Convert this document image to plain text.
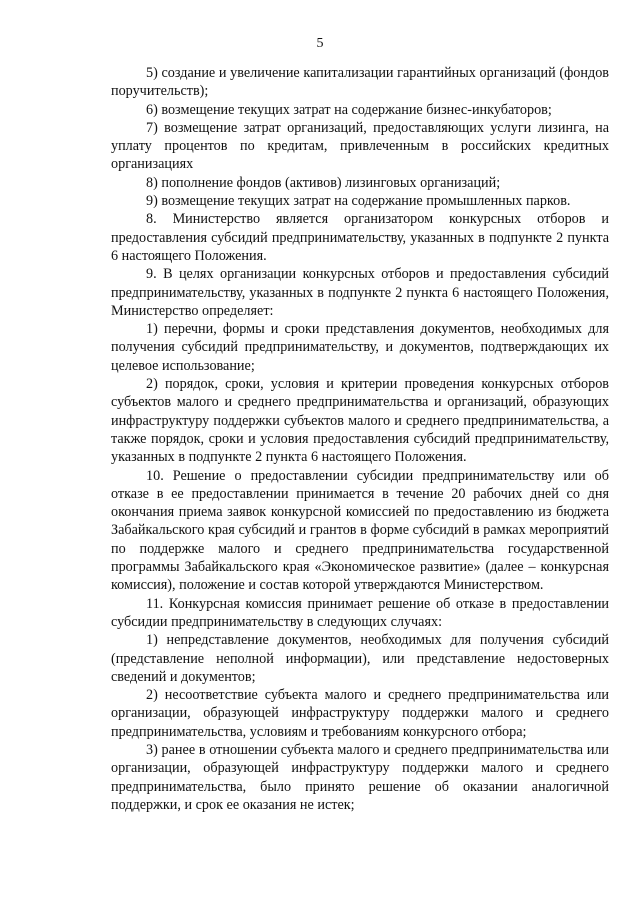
5

5) создание и увеличение капитализации гарантийных организаций (фондов поручительств);

6) возмещение текущих затрат на содержание бизнес-инкубаторов;

7) возмещение затрат организаций, предоставляющих услуги лизинга, на уплату процентов по кредитам, привлеченным в российских кредитных организациях

8) пополнение фондов (активов) лизинговых организаций;

9) возмещение текущих затрат на содержание промышленных парков.

8. Министерство является организатором конкурсных отборов и предоставления субсидий предпринимательству, указанных в подпункте 2 пункта 6 настоящего Положения.

9. В целях организации конкурсных отборов и предоставления субсидий предпринимательству, указанных в подпункте 2 пункта 6 настоящего Положения, Министерство определяет:

1) перечни, формы и сроки представления документов, необходимых для получения субсидий предпринимательству, и документов, подтверждающих их целевое использование;

2) порядок, сроки, условия и критерии проведения конкурсных отборов субъектов малого и среднего предпринимательства и организаций, образующих инфраструктуру поддержки субъектов малого и среднего предпринимательства, а также порядок, сроки и условия предоставления субсидий предпринимательству, указанных в подпункте 2 пункта 6 настоящего Положения.

10. Решение о предоставлении субсидии предпринимательству или об отказе в ее предоставлении принимается в течение 20 рабочих дней со дня окончания приема заявок конкурсной комиссией по предоставлению из бюджета Забайкальского края субсидий и грантов в форме субсидий в рамках мероприятий по поддержке малого и среднего предпринимательства государственной программы Забайкальского края «Экономическое развитие» (далее – конкурсная комиссия), положение и состав которой утверждаются Министерством.

11. Конкурсная комиссия принимает решение об отказе в предоставлении субсидии предпринимательству в следующих случаях:

1) непредставление документов, необходимых для получения субсидий (представление неполной информации), или представление недостоверных сведений и документов;

2) несоответствие субъекта малого и среднего предпринимательства или организации, образующей инфраструктуру поддержки малого и среднего предпринимательства, условиям и требованиям конкурсного отбора;

3) ранее в отношении субъекта малого и среднего предпринимательства или организации, образующей инфраструктуру поддержки малого и среднего предпринимательства, было принято решение об оказании аналогичной поддержки, и срок ее оказания не истек;
